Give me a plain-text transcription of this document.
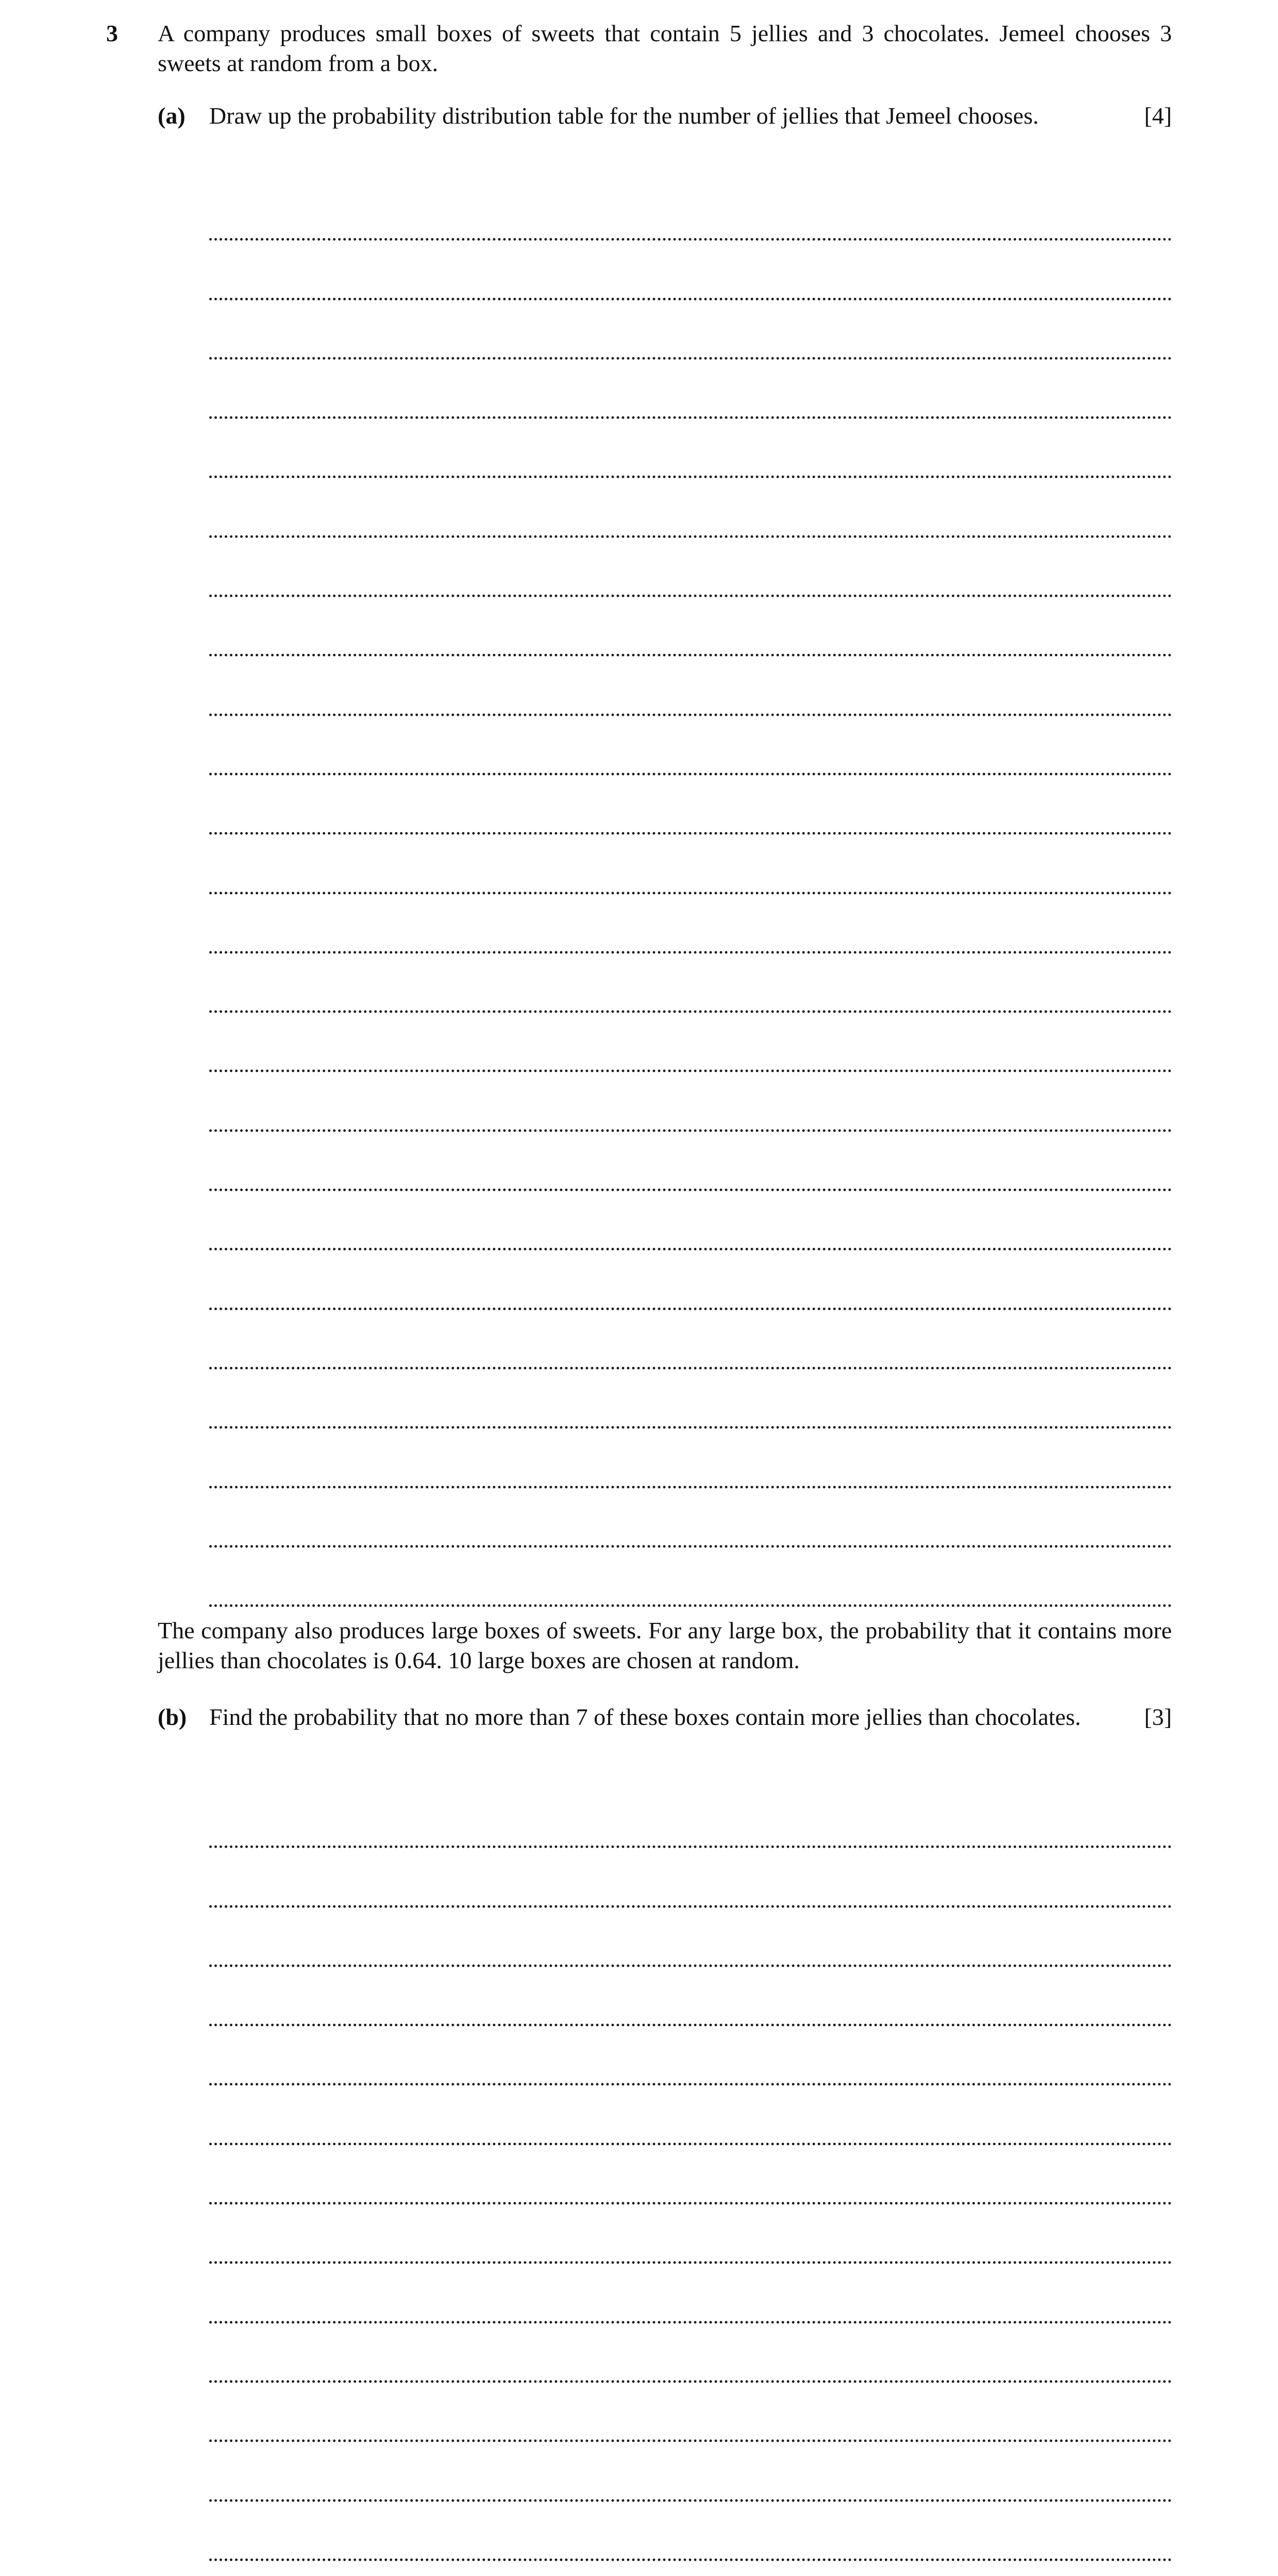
3 A company produces small boxes of sweets that contain 5 jellies and 3 chocolates. Jemeel chooses 3 sweets at random from a box.
(a) Draw up the probability distribution table for the number of jellies that Jemeel chooses.	[4]
The company also produces large boxes of sweets. For any large box, the probability that it contains more jellies than chocolates is 0.64. 10 large boxes are chosen at random.
(b) Find the probability that no more than 7 of these boxes contain more jellies than chocolates.	[3]
